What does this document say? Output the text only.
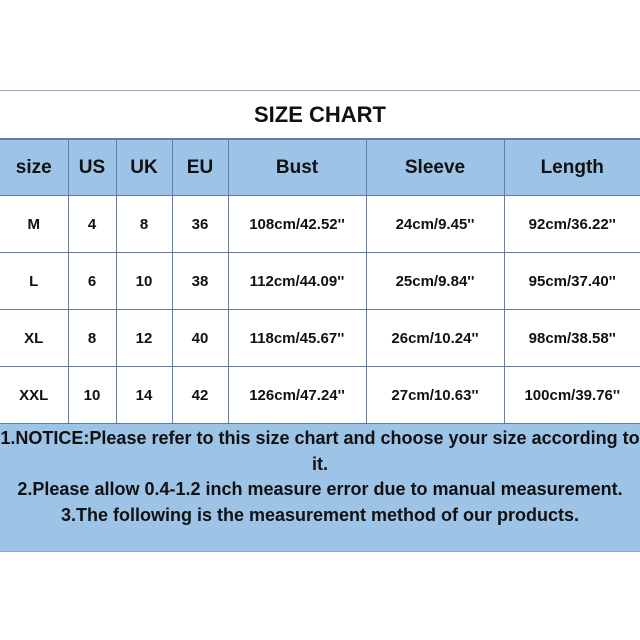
SIZE CHART
size	US	UK	EU	Bust	Sleeve	Length
M	4	8	36	108cm/42.52''	24cm/9.45''	92cm/36.22''
L	6	10	38	112cm/44.09''	25cm/9.84''	95cm/37.40''
XL	8	12	40	118cm/45.67''	26cm/10.24''	98cm/38.58''
XXL	10	14	42	126cm/47.24''	27cm/10.63''	100cm/39.76''
1.NOTICE:Please refer to this size chart and choose your size according to it.
2.Please allow 0.4-1.2 inch measure error due to manual measurement.
3.The following is the measurement method of our products.
